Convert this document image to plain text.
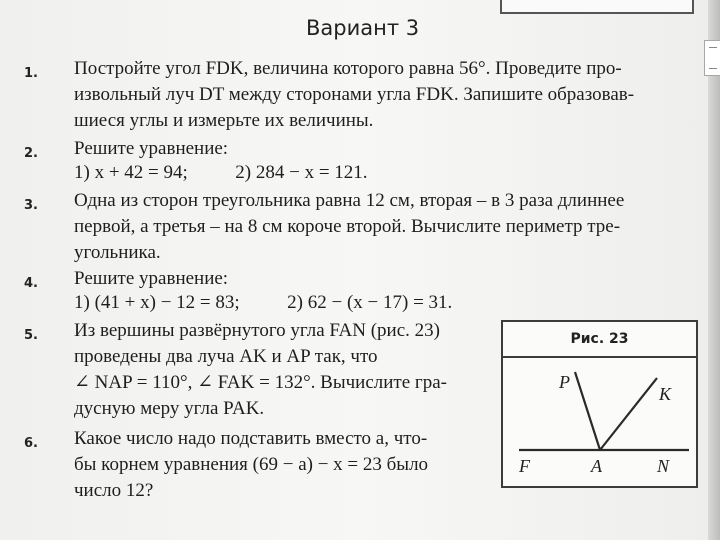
Вариант 3
1. Постройте угол FDK, величина которого равна 56°. Проведите про-
извольный луч DT между сторонами угла FDK. Запишите образовав-
шиеся углы и измерьте их величины.
2. Решите уравнение:
1) x + 42 = 94;          2) 284 − x = 121.
3. Одна из сторон треугольника равна 12 см, вторая – в 3 раза длиннее
первой, а третья – на 8 см короче второй. Вычислите периметр тре-
угольника.
4. Решите уравнение:
1) (41 + x) − 12 = 83;          2) 62 − (x − 17) = 31.
5. Из вершины развёрнутого угла FAN (рис. 23)
проведены два луча AK и AP так, что
∠ NAP = 110°, ∠ FAK = 132°. Вычислите гра-
дусную меру угла PAK.
6. Какое число надо подставить вместо a, что-
бы корнем уравнения (69 − a) − x = 23 было
число 12?
Рис. 23
P
K
F	A	N
